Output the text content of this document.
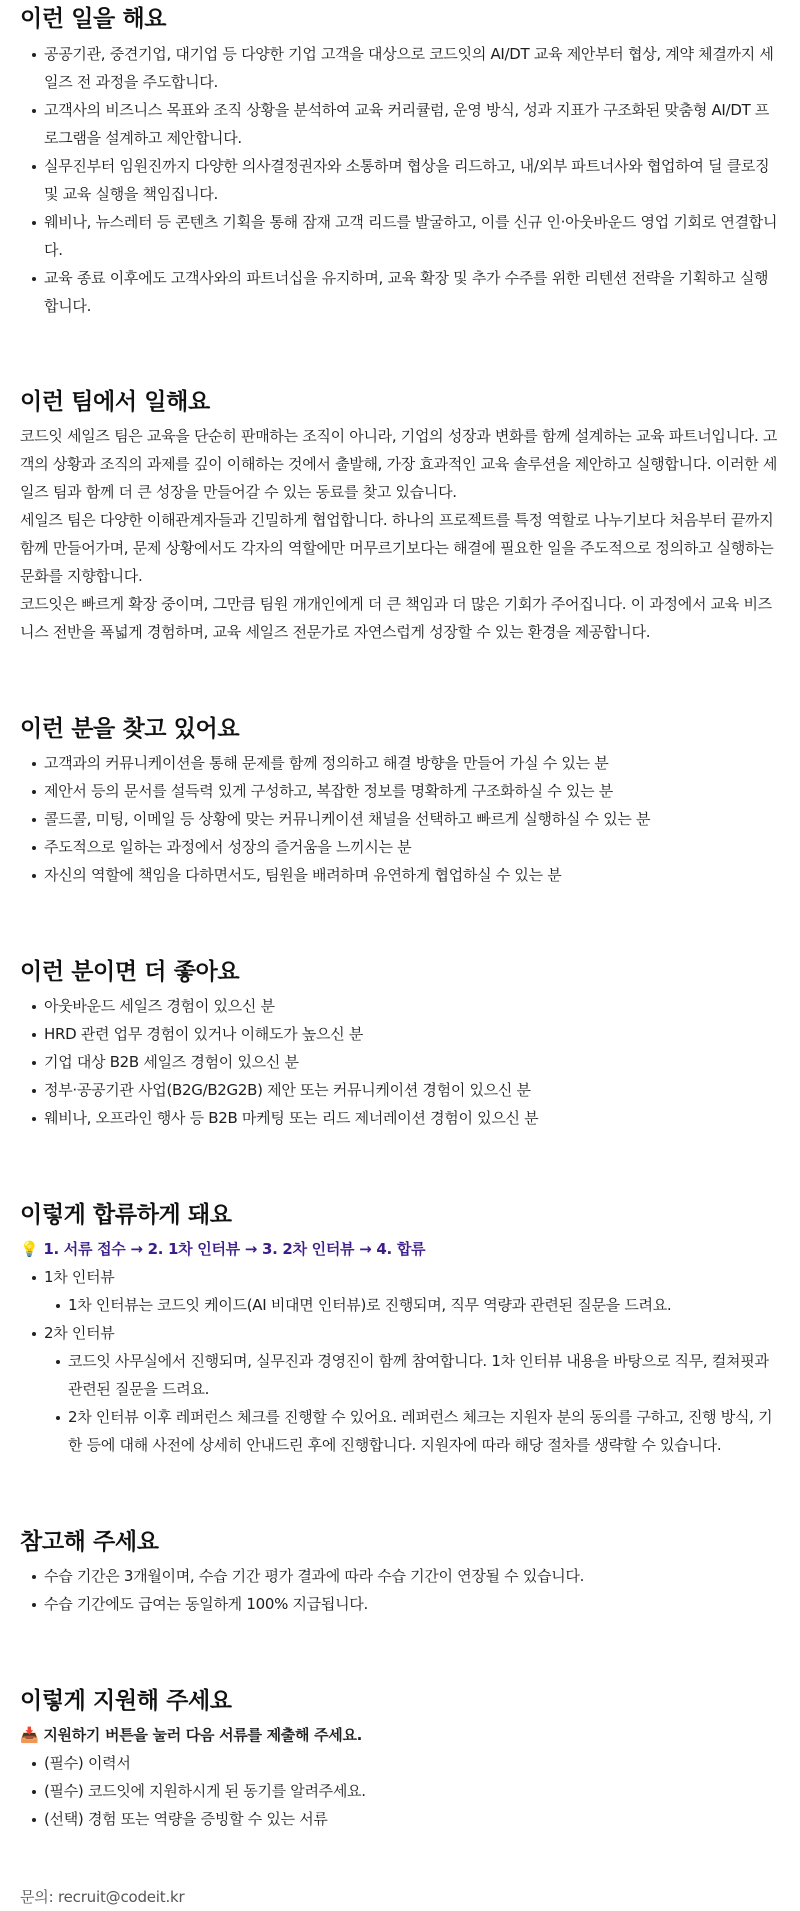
이런 일을 해요
공공기관, 중견기업, 대기업 등 다양한 기업 고객을 대상으로 코드잇의 AI/DT 교육 제안부터 협상, 계약 체결까지 세일즈 전 과정을 주도합니다.
고객사의 비즈니스 목표와 조직 상황을 분석하여 교육 커리큘럼, 운영 방식, 성과 지표가 구조화된 맞춤형 AI/DT 프로그램을 설계하고 제안합니다.
실무진부터 임원진까지 다양한 의사결정권자와 소통하며 협상을 리드하고, 내/외부 파트너사와 협업하여 딜 클로징 및 교육 실행을 책임집니다.
웨비나, 뉴스레터 등 콘텐츠 기획을 통해 잠재 고객 리드를 발굴하고, 이를 신규 인·아웃바운드 영업 기회로 연결합니다.
교육 종료 이후에도 고객사와의 파트너십을 유지하며, 교육 확장 및 추가 수주를 위한 리텐션 전략을 기획하고 실행합니다.
이런 팀에서 일해요

코드잇 세일즈 팀은 교육을 단순히 판매하는 조직이 아니라, 기업의 성장과 변화를 함께 설계하는 교육 파트너입니다. 고객의 상황과 조직의 과제를 깊이 이해하는 것에서 출발해, 가장 효과적인 교육 솔루션을 제안하고 실행합니다. 이러한 세일즈 팀과 함께 더 큰 성장을 만들어갈 수 있는 동료를 찾고 있습니다.

세일즈 팀은 다양한 이해관계자들과 긴밀하게 협업합니다. 하나의 프로젝트를 특정 역할로 나누기보다 처음부터 끝까지 함께 만들어가며, 문제 상황에서도 각자의 역할에만 머무르기보다는 해결에 필요한 일을 주도적으로 정의하고 실행하는 문화를 지향합니다.

코드잇은 빠르게 확장 중이며, 그만큼 팀원 개개인에게 더 큰 책임과 더 많은 기회가 주어집니다. 이 과정에서 교육 비즈니스 전반을 폭넓게 경험하며, 교육 세일즈 전문가로 자연스럽게 성장할 수 있는 환경을 제공합니다.

이런 분을 찾고 있어요
고객과의 커뮤니케이션을 통해 문제를 함께 정의하고 해결 방향을 만들어 가실 수 있는 분
제안서 등의 문서를 설득력 있게 구성하고, 복잡한 정보를 명확하게 구조화하실 수 있는 분
콜드콜, 미팅, 이메일 등 상황에 맞는 커뮤니케이션 채널을 선택하고 빠르게 실행하실 수 있는 분
주도적으로 일하는 과정에서 성장의 즐거움을 느끼시는 분
자신의 역할에 책임을 다하면서도, 팀원을 배려하며 유연하게 협업하실 수 있는 분
이런 분이면 더 좋아요
아웃바운드 세일즈 경험이 있으신 분
HRD 관련 업무 경험이 있거나 이해도가 높으신 분
기업 대상 B2B 세일즈 경험이 있으신 분
정부·공공기관 사업(B2G/B2G2B) 제안 또는 커뮤니케이션 경험이 있으신 분
웨비나, 오프라인 행사 등 B2B 마케팅 또는 리드 제너레이션 경험이 있으신 분
이렇게 합류하게 돼요
💡 1. 서류 접수 → 2. 1차 인터뷰 → 3. 2차 인터뷰 → 4. 합류
1차 인터뷰
1차 인터뷰는 코드잇 케이드(AI 비대면 인터뷰)로 진행되며, 직무 역량과 관련된 질문을 드려요.
2차 인터뷰
코드잇 사무실에서 진행되며, 실무진과 경영진이 함께 참여합니다. 1차 인터뷰 내용을 바탕으로 직무, 컬쳐핏과 관련된 질문을 드려요.
2차 인터뷰 이후 레퍼런스 체크를 진행할 수 있어요. 레퍼런스 체크는 지원자 분의 동의를 구하고, 진행 방식, 기한 등에 대해 사전에 상세히 안내드린 후에 진행합니다. 지원자에 따라 해당 절차를 생략할 수 있습니다.
참고해 주세요
수습 기간은 3개월이며, 수습 기간 평가 결과에 따라 수습 기간이 연장될 수 있습니다.
수습 기간에도 급여는 동일하게 100% 지급됩니다.
이렇게 지원해 주세요
📥 지원하기 버튼을 눌러 다음 서류를 제출해 주세요.
(필수) 이력서
(필수) 코드잇에 지원하시게 된 동기를 알려주세요.
(선택) 경험 또는 역량을 증빙할 수 있는 서류
문의: recruit@codeit.kr
